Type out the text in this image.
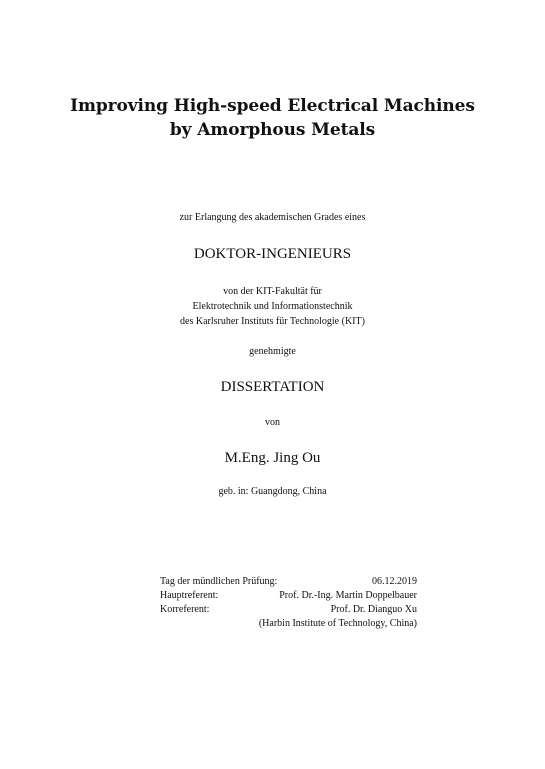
Improving High-speed Electrical Machines
by Amorphous Metals
zur Erlangung des akademischen Grades eines
DOKTOR-INGENIEURS
von der KIT-Fakultät für
Elektrotechnik und Informationstechnik
des Karlsruher Instituts für Technologie (KIT)
genehmigte
DISSERTATION
von
M.Eng. Jing Ou
geb. in: Guangdong, China
Tag der mündlichen Prüfung:	06.12.2019
Hauptreferent:	Prof. Dr.-Ing. Martin Doppelbauer
Korreferent:	Prof. Dr. Dianguo Xu
(Harbin Institute of Technology, China)
